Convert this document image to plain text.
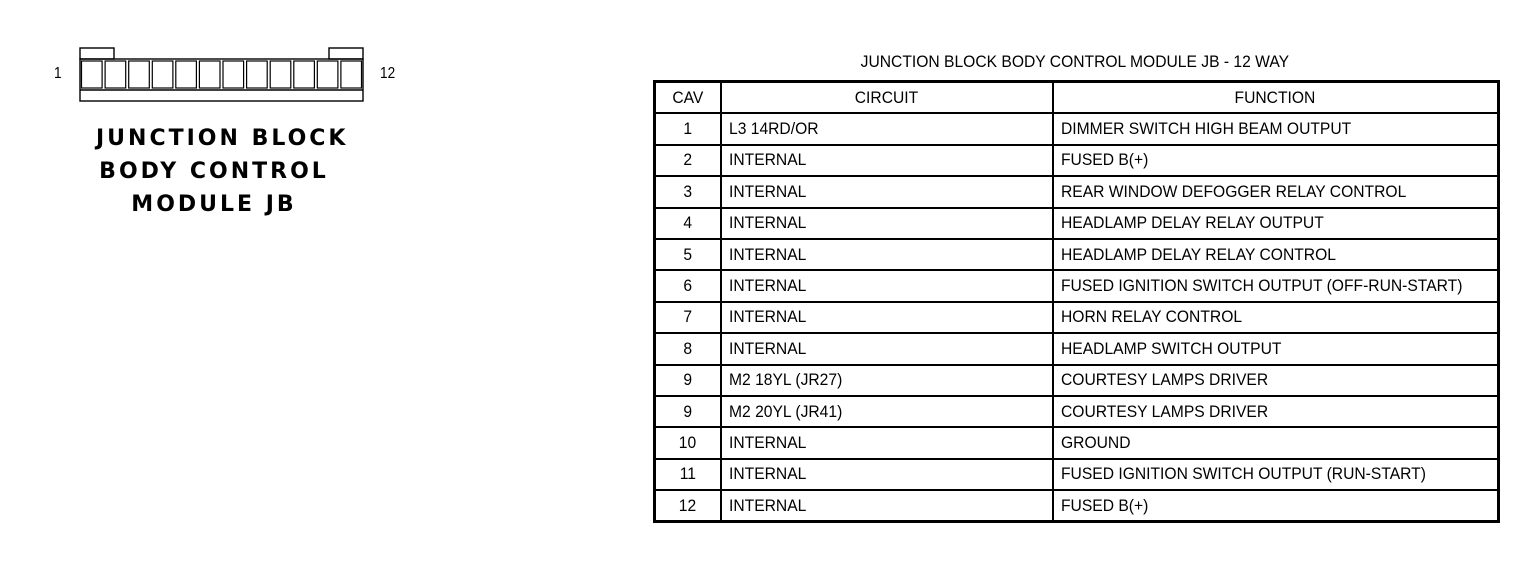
1	12
JUNCTION BLOCK
BODY CONTROL
MODULE JB
JUNCTION BLOCK BODY CONTROL MODULE JB - 12 WAY
CAV	CIRCUIT	FUNCTION
1	L3 14RD/OR	DIMMER SWITCH HIGH BEAM OUTPUT
2	INTERNAL	FUSED B(+)
3	INTERNAL	REAR WINDOW DEFOGGER RELAY CONTROL
4	INTERNAL	HEADLAMP DELAY RELAY OUTPUT
5	INTERNAL	HEADLAMP DELAY RELAY CONTROL
6	INTERNAL	FUSED IGNITION SWITCH OUTPUT (OFF-RUN-START)
7	INTERNAL	HORN RELAY CONTROL
8	INTERNAL	HEADLAMP SWITCH OUTPUT
9	M2 18YL (JR27)	COURTESY LAMPS DRIVER
9	M2 20YL (JR41)	COURTESY LAMPS DRIVER
10	INTERNAL	GROUND
11	INTERNAL	FUSED IGNITION SWITCH OUTPUT (RUN-START)
12	INTERNAL	FUSED B(+)
